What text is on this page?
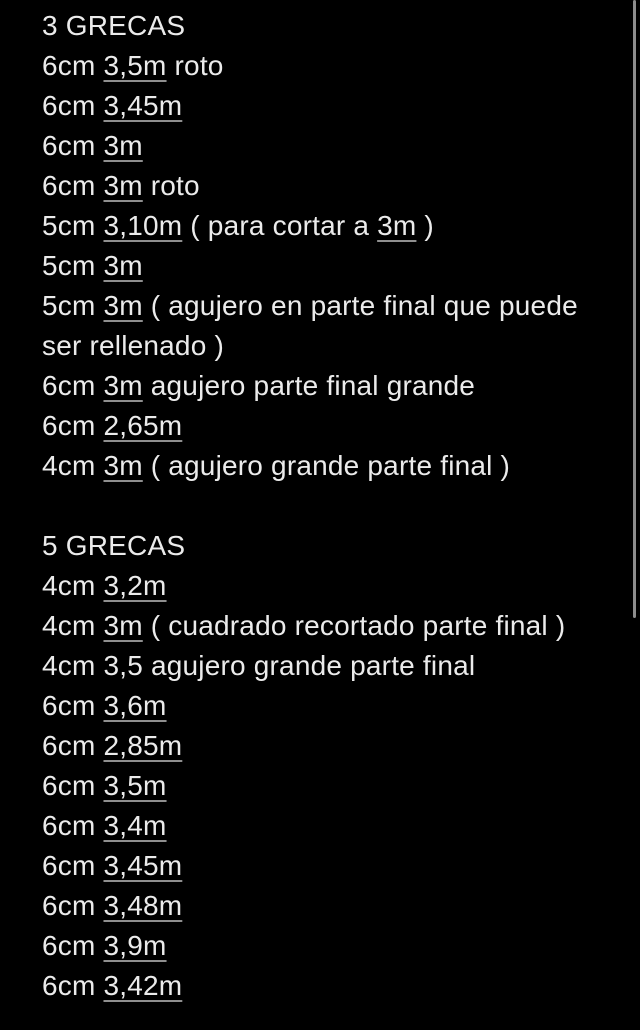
3 GRECAS
6cm 3,5m roto
6cm 3,45m
6cm 3m
6cm 3m roto
5cm 3,10m ( para cortar a 3m )
5cm 3m
5cm 3m ( agujero en parte final que puede ser rellenado )
6cm 3m agujero parte final grande
6cm 2,65m
4cm 3m ( agujero grande parte final )
5 GRECAS
4cm 3,2m
4cm 3m ( cuadrado recortado parte final )
4cm 3,5 agujero grande parte final
6cm 3,6m
6cm 2,85m
6cm 3,5m
6cm 3,4m
6cm 3,45m
6cm 3,48m
6cm 3,9m
6cm 3,42m
